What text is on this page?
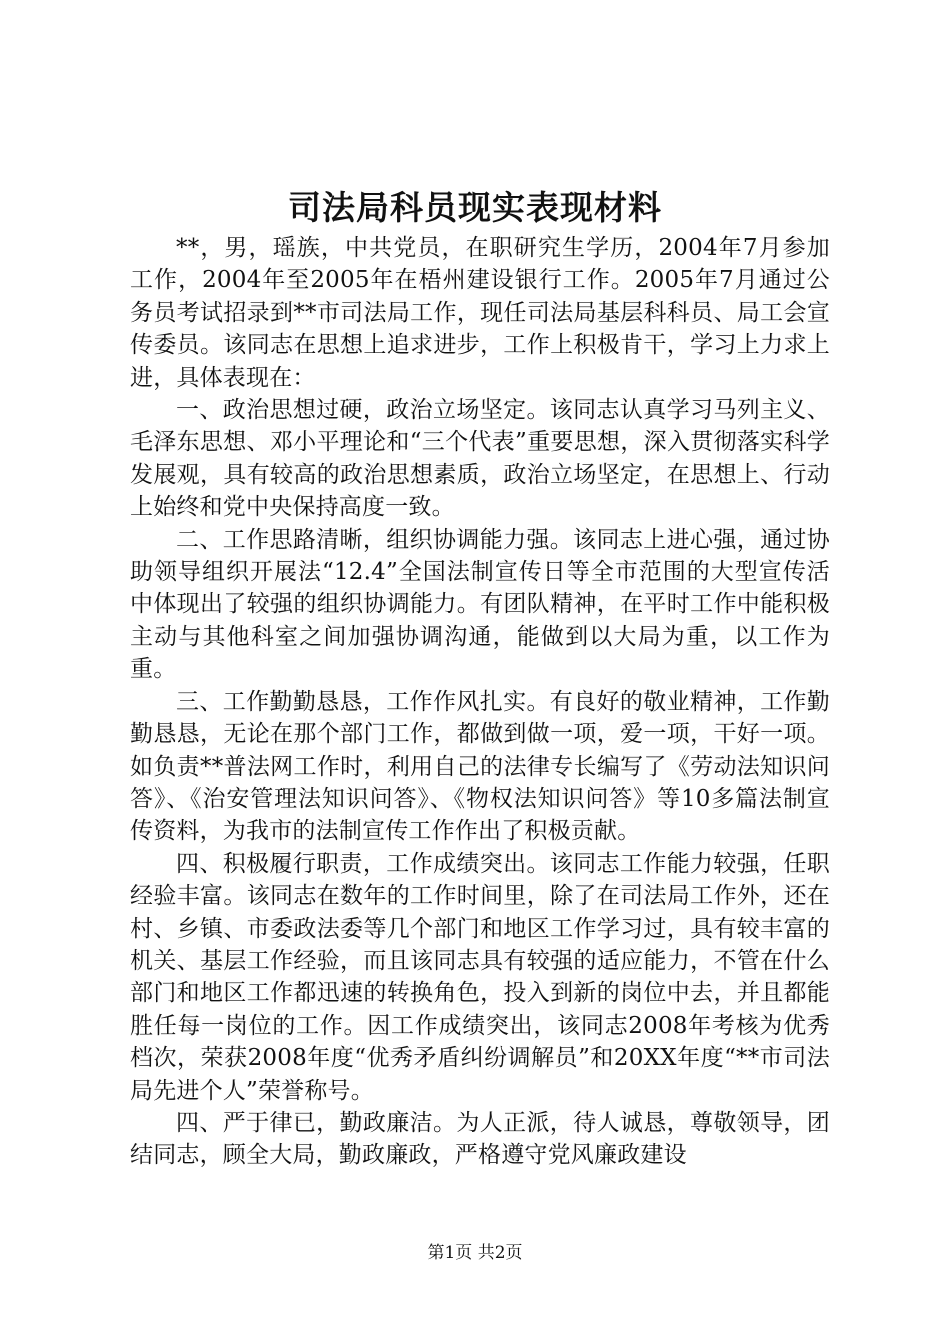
司法局科员现实表现材料

**，男，瑶族，中共党员，在职研究生学历，2004年7月参加工作，2004年至2005年在梧州建设银行工作。2005年7月通过公务员考试招录到**市司法局工作，现任司法局基层科科员、局工会宣传委员。该同志在思想上追求进步，工作上积极肯干，学习上力求上进，具体表现在：

一、政治思想过硬，政治立场坚定。该同志认真学习马列主义、毛泽东思想、邓小平理论和“三个代表”重要思想，深入贯彻落实科学发展观，具有较高的政治思想素质，政治立场坚定，在思想上、行动上始终和党中央保持高度一致。

二、工作思路清晰，组织协调能力强。该同志上进心强，通过协助领导组织开展法“12.4”全国法制宣传日等全市范围的大型宣传活中体现出了较强的组织协调能力。有团队精神，在平时工作中能积极主动与其他科室之间加强协调沟通，能做到以大局为重，以工作为重。

三、工作勤勤恳恳，工作作风扎实。有良好的敬业精神，工作勤勤恳恳，无论在那个部门工作，都做到做一项，爱一项，干好一项。如负责**普法网工作时，利用自己的法律专长编写了《劳动法知识问答》、《治安管理法知识问答》、《物权法知识问答》等10多篇法制宣传资料，为我市的法制宣传工作作出了积极贡献。

四、积极履行职责，工作成绩突出。该同志工作能力较强，任职经验丰富。该同志在数年的工作时间里，除了在司法局工作外，还在村、乡镇、市委政法委等几个部门和地区工作学习过，具有较丰富的机关、基层工作经验，而且该同志具有较强的适应能力，不管在什么部门和地区工作都迅速的转换角色，投入到新的岗位中去，并且都能胜任每一岗位的工作。因工作成绩突出，该同志2008年考核为优秀档次，荣获2008年度“优秀矛盾纠纷调解员”和20XX年度“**市司法局先进个人”荣誉称号。

四、严于律已，勤政廉洁。为人正派，待人诚恳，尊敬领导，团结同志，顾全大局，勤政廉政，严格遵守党风廉政建设

第1页 共2页
